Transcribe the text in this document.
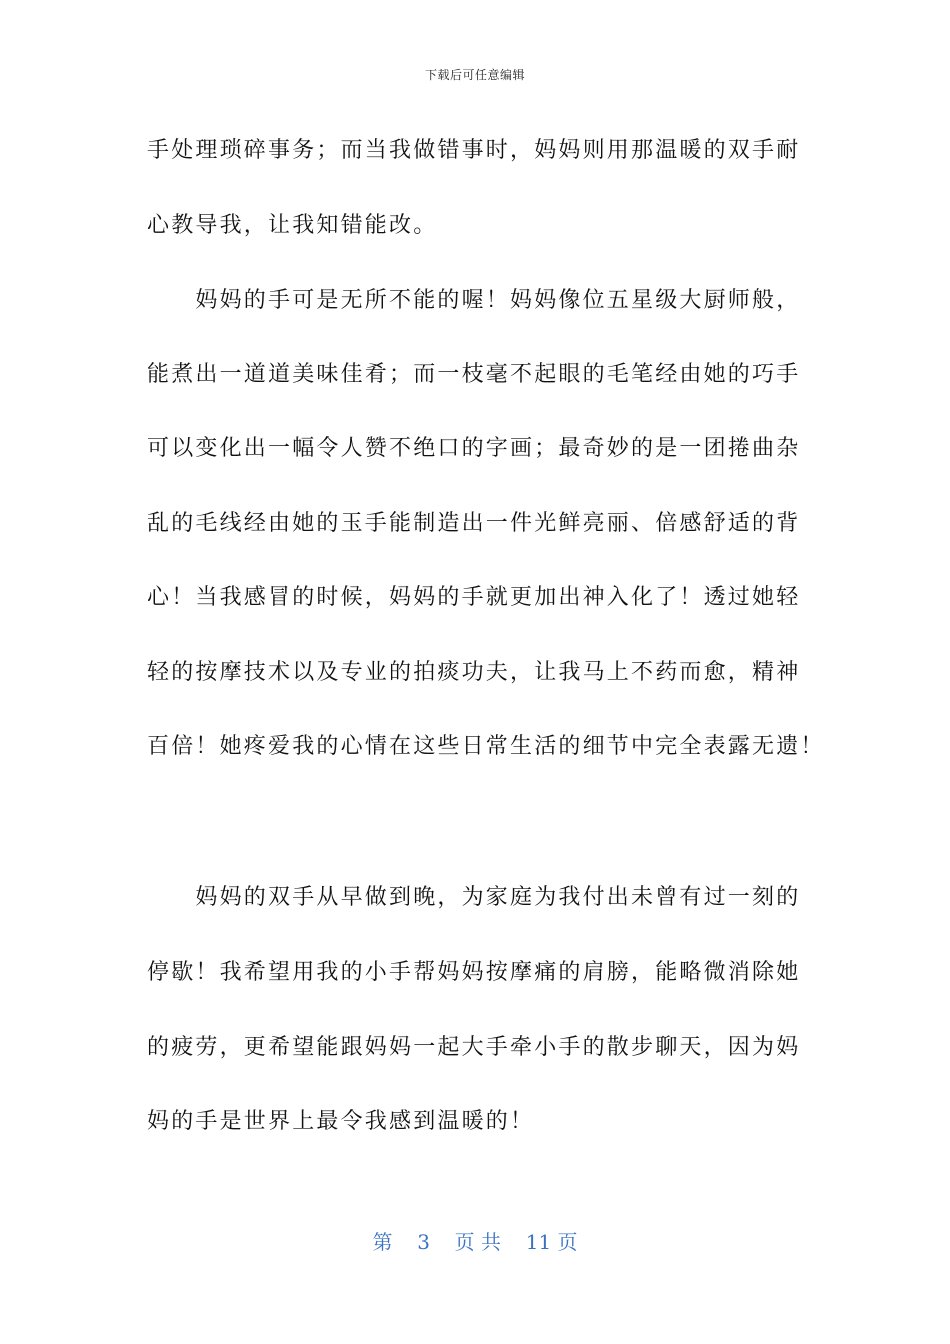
下载后可任意编辑
手处理琐碎事务；而当我做错事时，妈妈则用那温暖的双手耐
心教导我，让我知错能改。
　　妈妈的手可是无所不能的喔！妈妈像位五星级大厨师般，
能煮出一道道美味佳肴；而一枝毫不起眼的毛笔经由她的巧手
可以变化出一幅令人赞不绝口的字画；最奇妙的是一团捲曲杂
乱的毛线经由她的玉手能制造出一件光鲜亮丽、倍感舒适的背
心！当我感冒的时候，妈妈的手就更加出神入化了！透过她轻
轻的按摩技术以及专业的拍痰功夫，让我马上不药而愈，精神
百倍！她疼爱我的心情在这些日常生活的细节中完全表露无遗！
　　妈妈的双手从早做到晚，为家庭为我付出未曾有过一刻的
停歇！我希望用我的小手帮妈妈按摩痛的肩膀，能略微消除她
的疲劳，更希望能跟妈妈一起大手牵小手的散步聊天，因为妈
妈的手是世界上最令我感到温暖的！
第 3 页 共 11 页
